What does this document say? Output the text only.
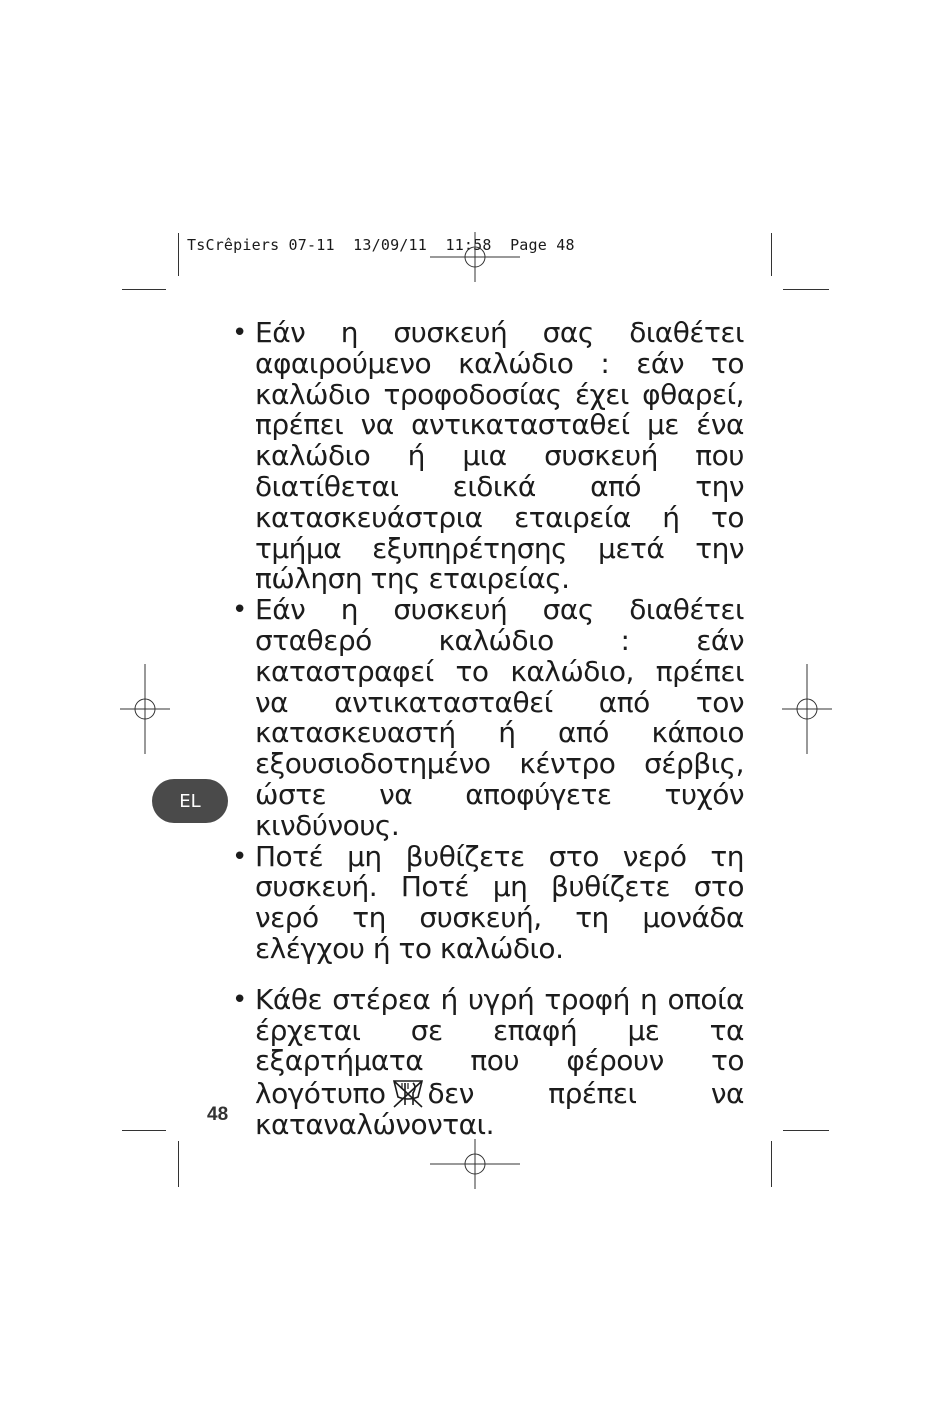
TsCrêpiers 07-11  13/09/11  11:58  Page 48
• Εάν η συσκευή σας διαθέτει αφαιρούμενο καλώδιο : εάν το καλώδιο τροφοδοσίας έχει φθαρεί, πρέπει να αντικατασταθεί με ένα καλώδιο ή μια συσκευή που διατίθεται ειδικά από την κατασκευάστρια εταιρεία ή το τμήμα εξυπηρέτησης μετά την πώληση της εταιρείας.
• Εάν η συσκευή σας διαθέτει σταθερό καλώδιο : εάν καταστραφεί το καλώδιο, πρέπει να αντικατασταθεί από τον κατασκευαστή ή από κάποιο εξουσιοδοτημένο κέντρο σέρβις, ώστε να αποφύγετε τυχόν κινδύνους.
• Ποτέ μη βυθίζετε στο νερό τη συσκευή. Ποτέ μη βυθίζετε στο νερό τη συσκευή, τη μονάδα ελέγχου ή το καλώδιο.
• Κάθε στέρεα ή υγρή τροφή η οποία έρχεται σε επαφή με τα εξαρτήματα που φέρουν το λογότυπο δεν πρέπει να καταναλώνονται.
EL
48
